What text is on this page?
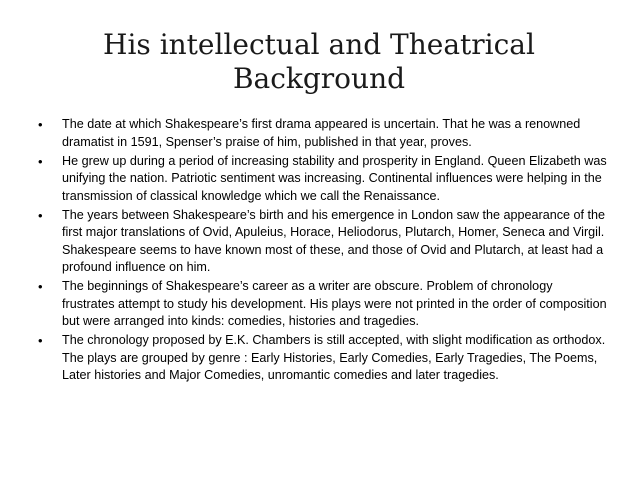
His intellectual and Theatrical
Background
• The date at which Shakespeare’s first drama appeared is uncertain. That he was a renowned dramatist in 1591, Spenser’s praise of him, published in that year, proves.
• He grew up during a period of increasing stability and prosperity in England. Queen Elizabeth was unifying the nation. Patriotic sentiment was increasing. Continental influences were helping in the transmission of classical knowledge which we call the Renaissance.
• The years between Shakespeare’s birth and his emergence in London saw the appearance of the first major translations of Ovid, Apuleius, Horace, Heliodorus, Plutarch, Homer, Seneca and Virgil. Shakespeare seems to have known most of these, and those of Ovid and Plutarch, at least had a profound influence on him.
• The beginnings of Shakespeare’s career as a writer are obscure. Problem of chronology frustrates attempt to study his development. His plays were not printed in the order of composition but were arranged into kinds: comedies, histories and tragedies.
• The chronology proposed by E.K. Chambers is still accepted, with slight modification as orthodox. The plays are grouped by genre : Early Histories, Early Comedies, Early Tragedies, The Poems, Later histories and Major Comedies, unromantic comedies and later tragedies.
